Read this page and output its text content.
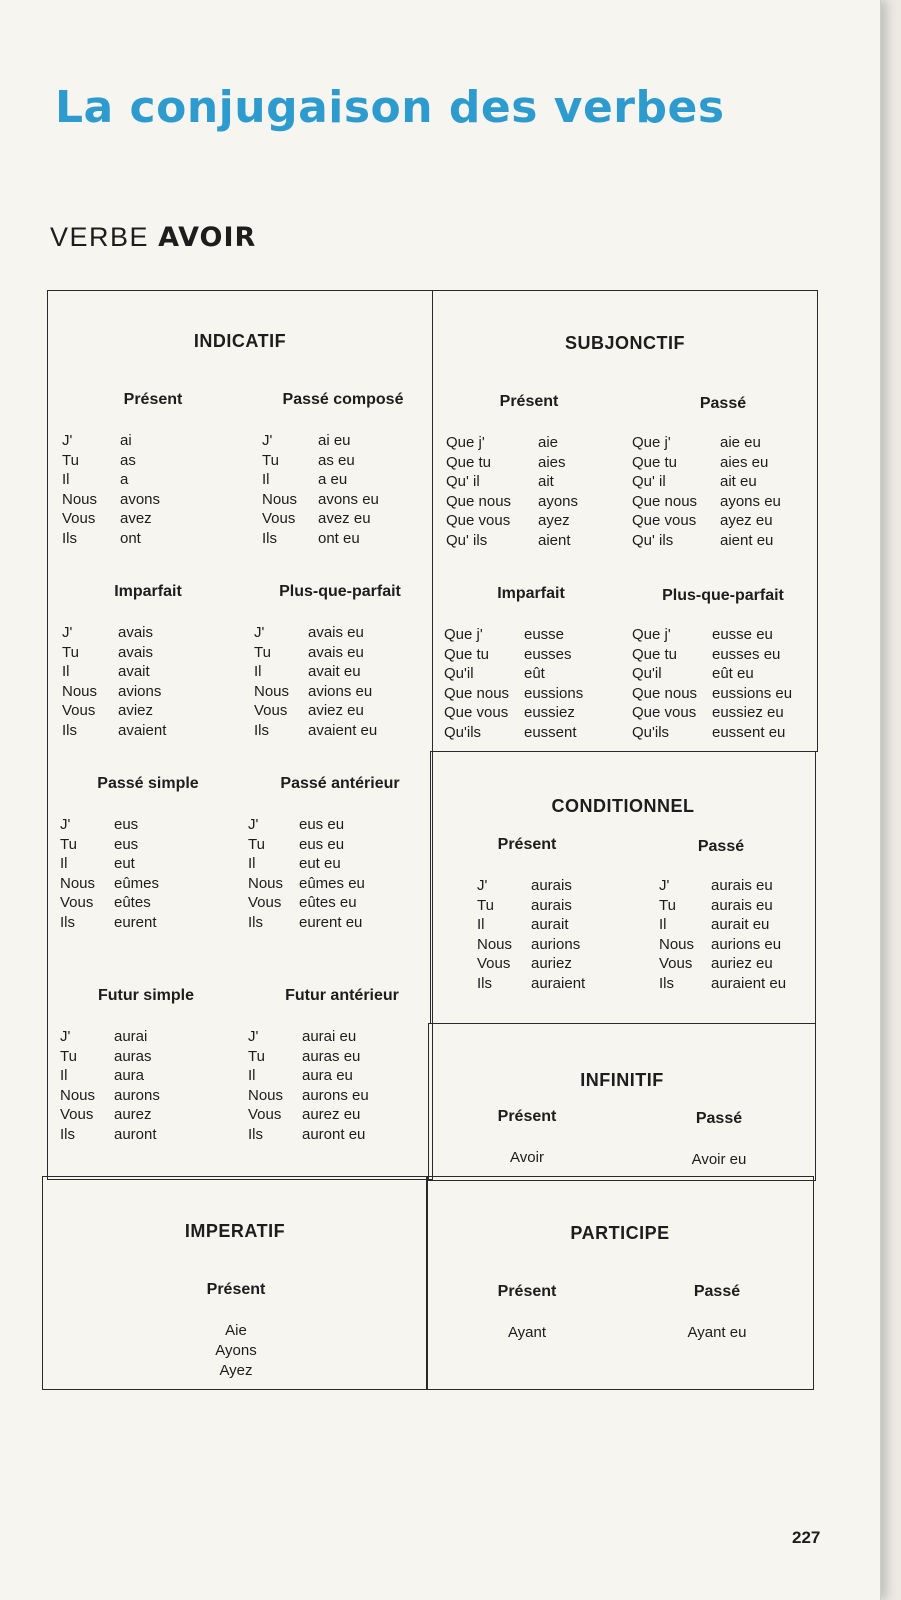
La conjugaison des verbes
VERBE AVOIR
INDICATIF
Présent
J'	ai
Tu	as
Il	a
Nous	avons
Vous	avez
Ils	ont
Passé composé
J'	ai eu
Tu	as eu
Il	a eu
Nous	avons eu
Vous	avez eu
Ils	ont eu
Imparfait
J'	avais
Tu	avais
Il	avait
Nous	avions
Vous	aviez
Ils	avaient
Plus-que-parfait
J'	avais eu
Tu	avais eu
Il	avait eu
Nous	avions eu
Vous	aviez eu
Ils	avaient eu
Passé simple
J'	eus
Tu	eus
Il	eut
Nous	eûmes
Vous	eûtes
Ils	eurent
Passé antérieur
J'	eus eu
Tu	eus eu
Il	eut eu
Nous	eûmes eu
Vous	eûtes eu
Ils	eurent eu
Futur simple
J'	aurai
Tu	auras
Il	aura
Nous	aurons
Vous	aurez
Ils	auront
Futur antérieur
J'	aurai eu
Tu	auras eu
Il	aura eu
Nous	aurons eu
Vous	aurez eu
Ils	auront eu
SUBJONCTIF
Présent
Que j'	aie
Que tu	aies
Qu' il	ait
Que nous	ayons
Que vous	ayez
Qu' ils	aient
Passé
Que j'	aie eu
Que tu	aies eu
Qu' il	ait eu
Que nous	ayons eu
Que vous	ayez eu
Qu' ils	aient eu
Imparfait
Que j'	eusse
Que tu	eusses
Qu'il	eût
Que nous eussions
Que vous	eussiez
Qu'ils	eussent
Plus-que-parfait
Que j'	eusse eu
Que tu	eusses eu
Qu'il	eût eu
Que nous eussions eu
Que vous	eussiez eu
Qu'ils	eussent eu
CONDITIONNEL
Présent
J'	aurais
Tu	aurais
Il	aurait
Nous	aurions
Vous	auriez
Ils	auraient
Passé
J'	aurais eu
Tu	aurais eu
Il	aurait eu
Nous	aurions eu
Vous	auriez eu
Ils	auraient eu
INFINITIF
Présent
Avoir
Passé
Avoir eu
IMPERATIF
Présent
Aie
Ayons
Ayez
PARTICIPE
Présent
Ayant
Passé
Ayant eu
227
